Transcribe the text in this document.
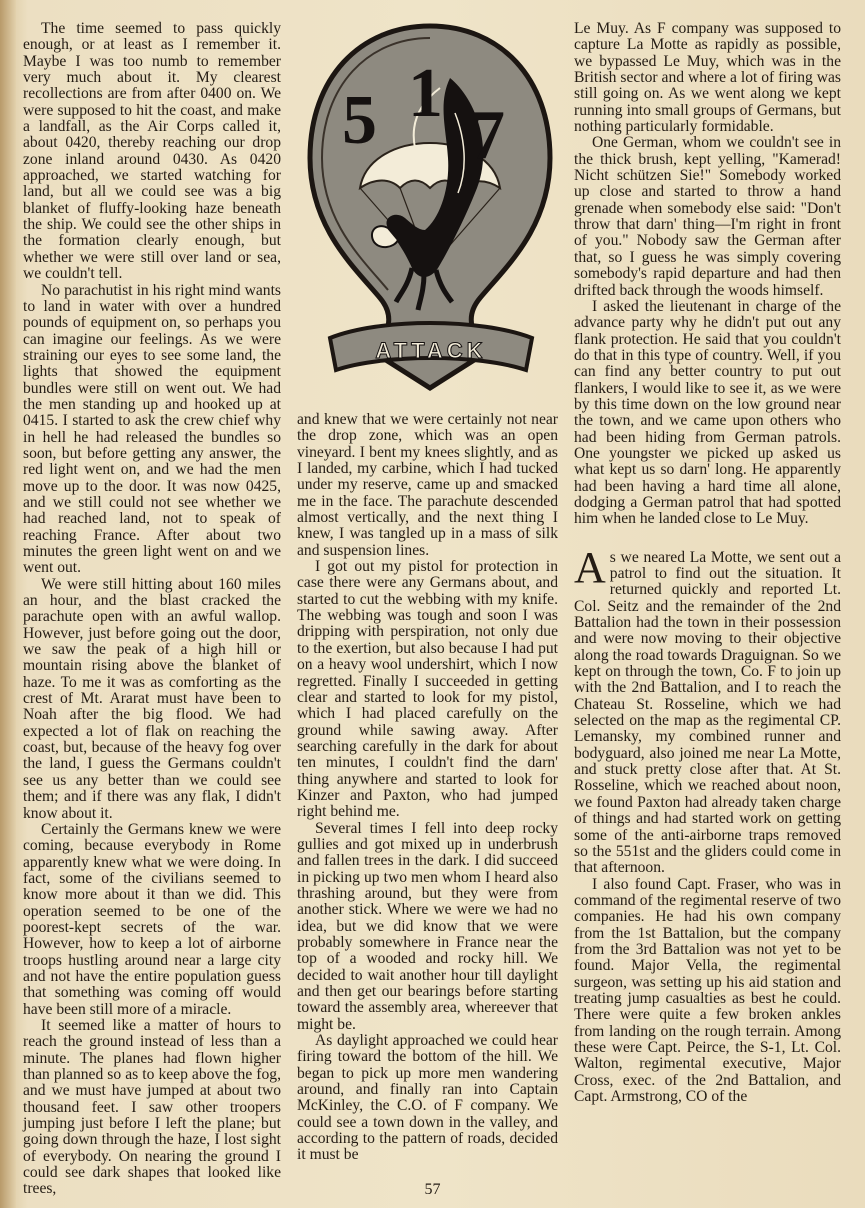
The time seemed to pass quickly enough, or at least as I remember it. Maybe I was too numb to remember very much about it. My clearest recollections are from after 0400 on. We were supposed to hit the coast, and make a landfall, as the Air Corps called it, about 0420, thereby reaching our drop zone inland around 0430. As 0420 approached, we started watching for land, but all we could see was a big blanket of fluffy-looking haze beneath the ship. We could see the other ships in the formation clearly enough, but whether we were still over land or sea, we couldn't tell.

No parachutist in his right mind wants to land in water with over a hundred pounds of equipment on, so perhaps you can imagine our feelings. As we were straining our eyes to see some land, the lights that showed the equipment bundles were still on went out. We had the men standing up and hooked up at 0415. I started to ask the crew chief why in hell he had released the bundles so soon, but before getting any answer, the red light went on, and we had the men move up to the door. It was now 0425, and we still could not see whether we had reached land, not to speak of reaching France. After about two minutes the green light went on and we went out.

We were still hitting about 160 miles an hour, and the blast cracked the parachute open with an awful wallop. However, just before going out the door, we saw the peak of a high hill or mountain rising above the blanket of haze. To me it was as comforting as the crest of Mt. Ararat must have been to Noah after the big flood. We had expected a lot of flak on reaching the coast, but, because of the heavy fog over the land, I guess the Germans couldn't see us any better than we could see them; and if there was any flak, I didn't know about it.

Certainly the Germans knew we were coming, because everybody in Rome apparently knew what we were doing. In fact, some of the civilians seemed to know more about it than we did. This operation seemed to be one of the poorest-kept secrets of the war. However, how to keep a lot of airborne troops hustling around near a large city and not have the entire population guess that something was coming off would have been still more of a miracle.

It seemed like a matter of hours to reach the ground instead of less than a minute. The planes had flown higher than planned so as to keep above the fog, and we must have jumped at about two thousand feet. I saw other troopers jumping just before I left the plane; but going down through the haze, I lost sight of everybody. On nearing the ground I could see dark shapes that looked like trees,

5 1
7
ATTACK

and knew that we were certainly not near the drop zone, which was an open vineyard. I bent my knees slightly, and as I landed, my carbine, which I had tucked under my reserve, came up and smacked me in the face. The parachute descended almost vertically, and the next thing I knew, I was tangled up in a mass of silk and suspension lines.

I got out my pistol for protection in case there were any Germans about, and started to cut the webbing with my knife. The webbing was tough and soon I was dripping with perspiration, not only due to the exertion, but also because I had put on a heavy wool undershirt, which I now regretted. Finally I succeeded in getting clear and started to look for my pistol, which I had placed carefully on the ground while sawing away. After searching carefully in the dark for about ten minutes, I couldn't find the darn' thing anywhere and started to look for Kinzer and Paxton, who had jumped right behind me.

Several times I fell into deep rocky gullies and got mixed up in underbrush and fallen trees in the dark. I did succeed in picking up two men whom I heard also thrashing around, but they were from another stick. Where we were we had no idea, but we did know that we were probably somewhere in France near the top of a wooded and rocky hill. We decided to wait another hour till daylight and then get our bearings before starting toward the assembly area, whereever that might be.

As daylight approached we could hear firing toward the bottom of the hill. We began to pick up more men wandering around, and finally ran into Captain McKinley, the C.O. of F company. We could see a town down in the valley, and according to the pattern of roads, decided it must be

Le Muy. As F company was supposed to capture La Motte as rapidly as possible, we bypassed Le Muy, which was in the British sector and where a lot of firing was still going on. As we went along we kept running into small groups of Germans, but nothing particularly formidable.

One German, whom we couldn't see in the thick brush, kept yelling, "Kamerad! Nicht schützen Sie!" Somebody worked up close and started to throw a hand grenade when somebody else said: "Don't throw that darn' thing—I'm right in front of you." Nobody saw the German after that, so I guess he was simply covering somebody's rapid departure and had then drifted back through the woods himself.

I asked the lieutenant in charge of the advance party why he didn't put out any flank protection. He said that you couldn't do that in this type of country. Well, if you can find any better country to put out flankers, I would like to see it, as we were by this time down on the low ground near the town, and we came upon others who had been hiding from German patrols. One youngster we picked up asked us what kept us so darn' long. He apparently had been having a hard time all alone, dodging a German patrol that had spotted him when he landed close to Le Muy.

As we neared La Motte, we sent out a patrol to find out the situation. It returned quickly and reported Lt. Col. Seitz and the remainder of the 2nd Battalion had the town in their possession and were now moving to their objective along the road towards Draguignan. So we kept on through the town, Co. F to join up with the 2nd Battalion, and I to reach the Chateau St. Rosseline, which we had selected on the map as the regimental CP. Lemansky, my combined runner and bodyguard, also joined me near La Motte, and stuck pretty close after that. At St. Rosseline, which we reached about noon, we found Paxton had already taken charge of things and had started work on getting some of the anti-airborne traps removed so the 551st and the gliders could come in that afternoon.

I also found Capt. Fraser, who was in command of the regimental reserve of two companies. He had his own company from the 1st Battalion, but the company from the 3rd Battalion was not yet to be found. Major Vella, the regimental surgeon, was setting up his aid station and treating jump casualties as best he could. There were quite a few broken ankles from landing on the rough terrain. Among these were Capt. Peirce, the S-1, Lt. Col. Walton, regimental executive, Major Cross, exec. of the 2nd Battalion, and Capt. Armstrong, CO of the

57
